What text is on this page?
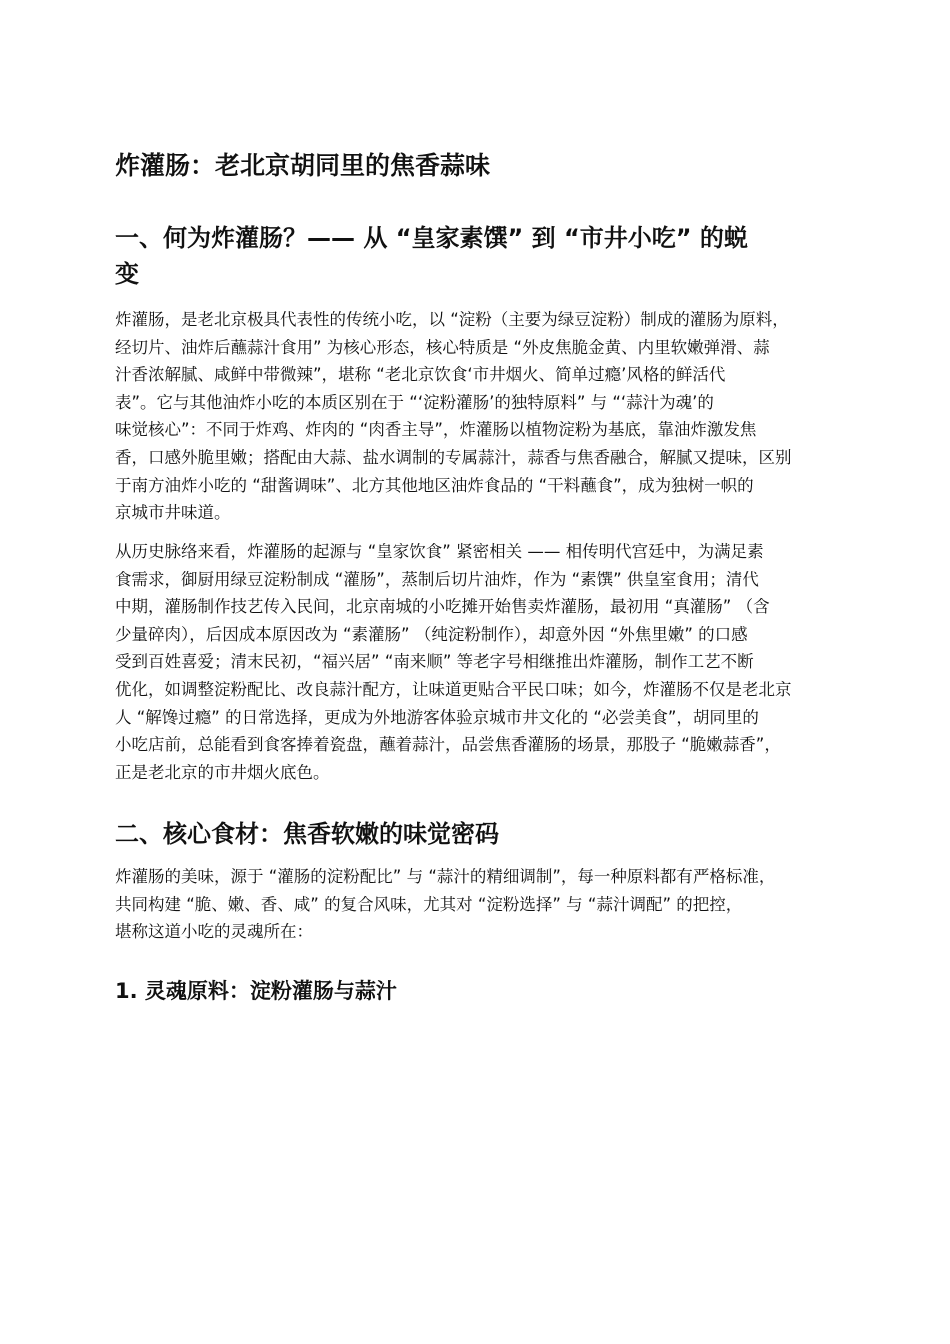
炸灌肠：老北京胡同里的焦香蒜味
一、何为炸灌肠？—— 从 “皇家素馔” 到 “市井小吃” 的蜕
变
炸灌肠，是老北京极具代表性的传统小吃，以 “淀粉（主要为绿豆淀粉）制成的灌肠为原料，
经切片、油炸后蘸蒜汁食用” 为核心形态，核心特质是 “外皮焦脆金黄、内里软嫩弹滑、蒜
汁香浓解腻、咸鲜中带微辣”，堪称 “老北京饮食‘市井烟火、简单过瘾’风格的鲜活代
表”。它与其他油炸小吃的本质区别在于 “‘淀粉灌肠’的独特原料” 与 “‘蒜汁为魂’的
味觉核心”：不同于炸鸡、炸肉的 “肉香主导”，炸灌肠以植物淀粉为基底，靠油炸激发焦
香，口感外脆里嫩；搭配由大蒜、盐水调制的专属蒜汁，蒜香与焦香融合，解腻又提味，区别
于南方油炸小吃的 “甜酱调味”、北方其他地区油炸食品的 “干料蘸食”，成为独树一帜的
京城市井味道。
从历史脉络来看，炸灌肠的起源与 “皇家饮食” 紧密相关 —— 相传明代宫廷中，为满足素
食需求，御厨用绿豆淀粉制成 “灌肠”，蒸制后切片油炸，作为 “素馔” 供皇室食用；清代
中期，灌肠制作技艺传入民间，北京南城的小吃摊开始售卖炸灌肠，最初用 “真灌肠” （含
少量碎肉），后因成本原因改为 “素灌肠” （纯淀粉制作），却意外因 “外焦里嫩” 的口感
受到百姓喜爱；清末民初，“福兴居” “南来顺” 等老字号相继推出炸灌肠，制作工艺不断
优化，如调整淀粉配比、改良蒜汁配方，让味道更贴合平民口味；如今，炸灌肠不仅是老北京
人 “解馋过瘾” 的日常选择，更成为外地游客体验京城市井文化的 “必尝美食”，胡同里的
小吃店前，总能看到食客捧着瓷盘，蘸着蒜汁，品尝焦香灌肠的场景，那股子 “脆嫩蒜香”，
正是老北京的市井烟火底色。
二、核心食材：焦香软嫩的味觉密码
炸灌肠的美味，源于 “灌肠的淀粉配比” 与 “蒜汁的精细调制”，每一种原料都有严格标准，
共同构建 “脆、嫩、香、咸” 的复合风味，尤其对 “淀粉选择” 与 “蒜汁调配” 的把控，
堪称这道小吃的灵魂所在：
1. 灵魂原料：淀粉灌肠与蒜汁
